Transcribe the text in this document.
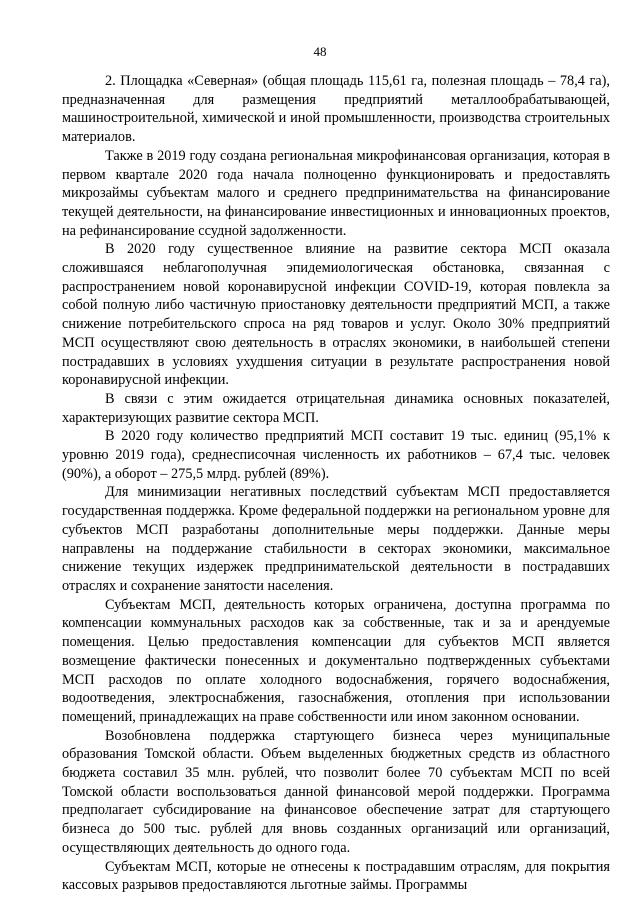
48

2. Площадка «Северная» (общая площадь 115,61 га, полезная площадь – 78,4 га), предназначенная для размещения предприятий металлообрабатывающей, машиностроительной, химической и иной промышленности, производства строительных материалов.

Также в 2019 году создана региональная микрофинансовая организация, которая в первом квартале 2020 года начала полноценно функционировать и предоставлять микрозаймы субъектам малого и среднего предпринимательства на финансирование текущей деятельности, на финансирование инвестиционных и инновационных проектов, на рефинансирование ссудной задолженности.

В 2020 году существенное влияние на развитие сектора МСП оказала сложившаяся неблагополучная эпидемиологическая обстановка, связанная с распространением новой коронавирусной инфекции COVID-19, которая повлекла за собой полную либо частичную приостановку деятельности предприятий МСП, а также снижение потребительского спроса на ряд товаров и услуг. Около 30% предприятий МСП осуществляют свою деятельность в отраслях экономики, в наибольшей степени пострадавших в условиях ухудшения ситуации в результате распространения новой коронавирусной инфекции.

В связи с этим ожидается отрицательная динамика основных показателей, характеризующих развитие сектора МСП.

В 2020 году количество предприятий МСП составит 19 тыс. единиц (95,1% к уровню 2019 года), среднесписочная численность их работников – 67,4 тыс. человек (90%), а оборот – 275,5 млрд. рублей (89%).

Для минимизации негативных последствий субъектам МСП предоставляется государственная поддержка. Кроме федеральной поддержки на региональном уровне для субъектов МСП разработаны дополнительные меры поддержки. Данные меры направлены на поддержание стабильности в секторах экономики, максимальное снижение текущих издержек предпринимательской деятельности в пострадавших отраслях и сохранение занятости населения.

Субъектам МСП, деятельность которых ограничена, доступна программа по компенсации коммунальных расходов как за собственные, так и за и арендуемые помещения. Целью предоставления компенсации для субъектов МСП является возмещение фактически понесенных и документально подтвержденных субъектами МСП расходов по оплате холодного водоснабжения, горячего водоснабжения, водоотведения, электроснабжения, газоснабжения, отопления при использовании помещений, принадлежащих на праве собственности или ином законном основании.

Возобновлена поддержка стартующего бизнеса через муниципальные образования Томской области. Объем выделенных бюджетных средств из областного бюджета составил 35 млн. рублей, что позволит более 70 субъектам МСП по всей Томской области воспользоваться данной финансовой мерой поддержки. Программа предполагает субсидирование на финансовое обеспечение затрат для стартующего бизнеса до 500 тыс. рублей для вновь созданных организаций или организаций, осуществляющих деятельность до одного года.

Субъектам МСП, которые не отнесены к пострадавшим отраслям, для покрытия кассовых разрывов предоставляются льготные займы. Программы
